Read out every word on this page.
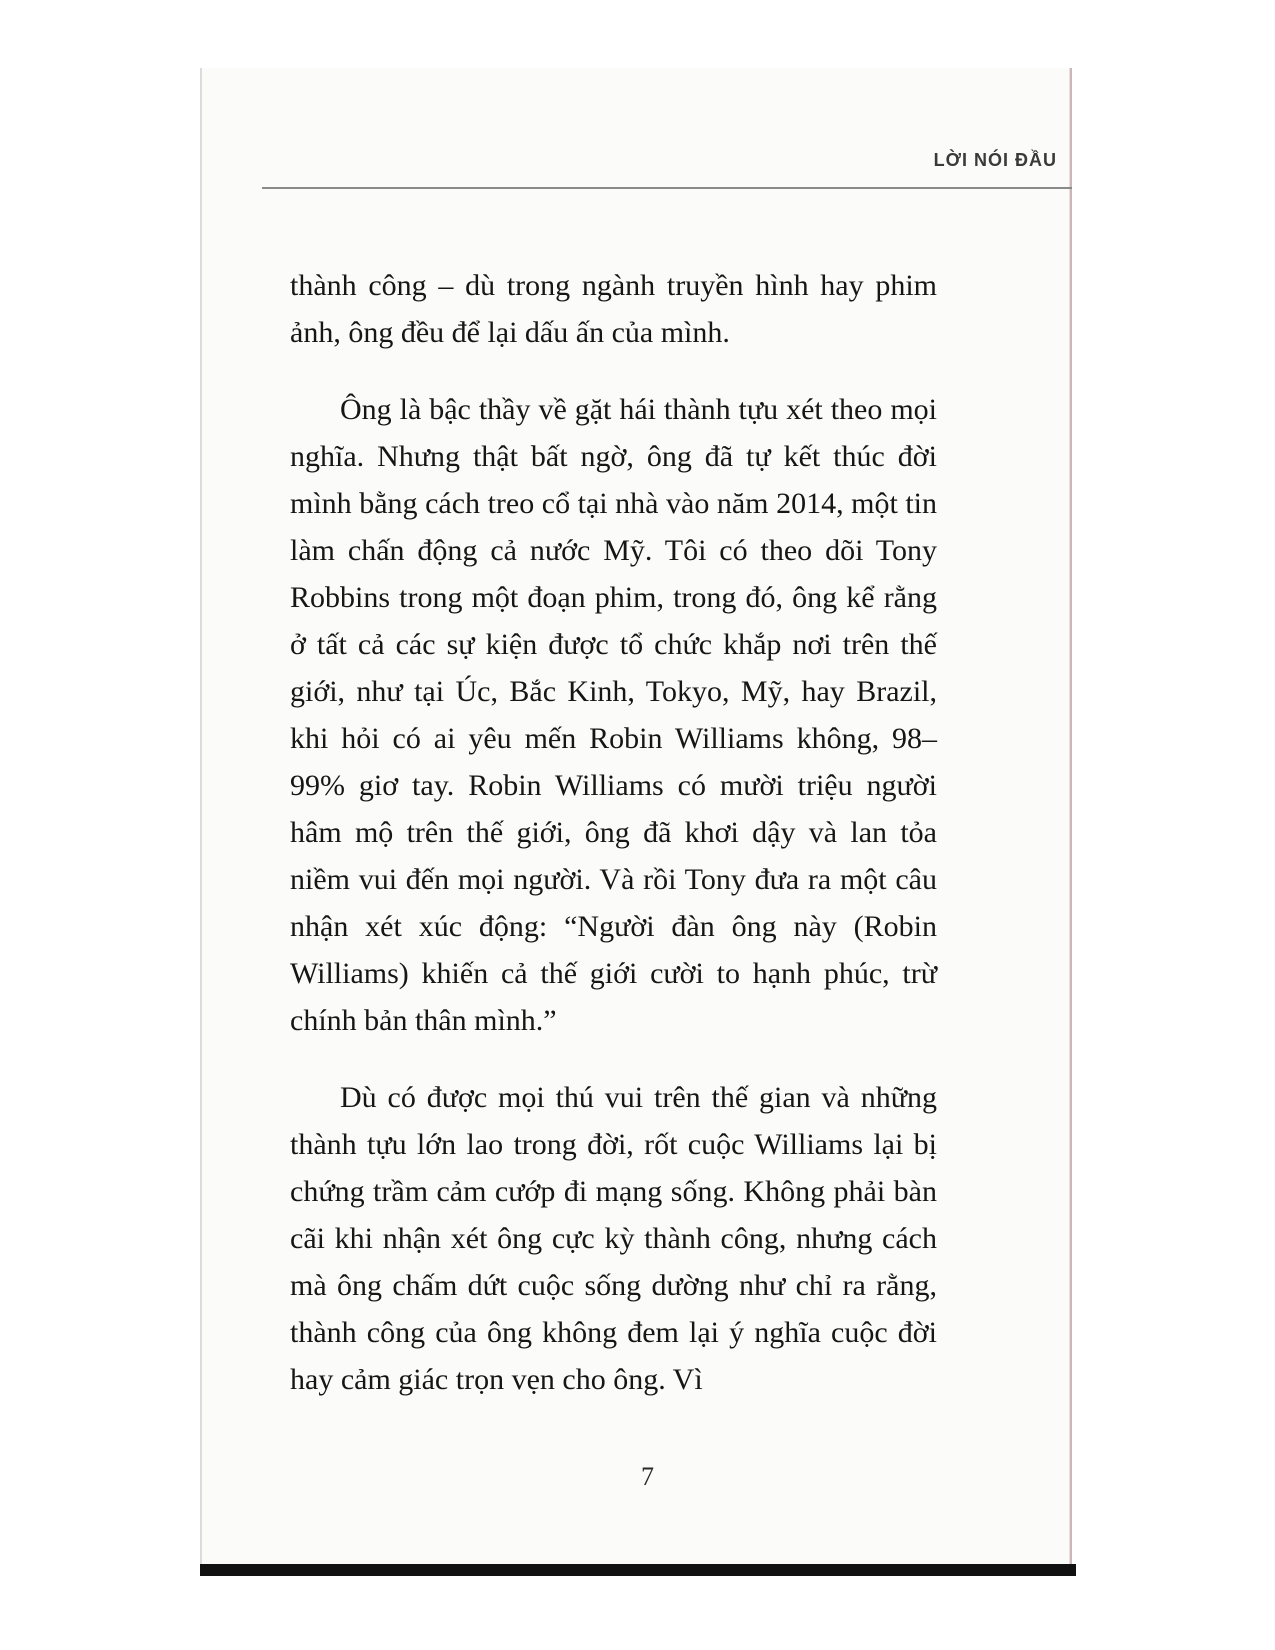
LỜI NÓI ĐẦU

thành công – dù trong ngành truyền hình hay phim ảnh, ông đều để lại dấu ấn của mình.

Ông là bậc thầy về gặt hái thành tựu xét theo mọi nghĩa. Nhưng thật bất ngờ, ông đã tự kết thúc đời mình bằng cách treo cổ tại nhà vào năm 2014, một tin làm chấn động cả nước Mỹ. Tôi có theo dõi Tony Robbins trong một đoạn phim, trong đó, ông kể rằng ở tất cả các sự kiện được tổ chức khắp nơi trên thế giới, như tại Úc, Bắc Kinh, Tokyo, Mỹ, hay Brazil, khi hỏi có ai yêu mến Robin Williams không, 98–99% giơ tay. Robin Williams có mười triệu người hâm mộ trên thế giới, ông đã khơi dậy và lan tỏa niềm vui đến mọi người. Và rồi Tony đưa ra một câu nhận xét xúc động: “Người đàn ông này (Robin Williams) khiến cả thế giới cười to hạnh phúc, trừ chính bản thân mình.”

Dù có được mọi thú vui trên thế gian và những thành tựu lớn lao trong đời, rốt cuộc Williams lại bị chứng trầm cảm cướp đi mạng sống. Không phải bàn cãi khi nhận xét ông cực kỳ thành công, nhưng cách mà ông chấm dứt cuộc sống dường như chỉ ra rằng, thành công của ông không đem lại ý nghĩa cuộc đời hay cảm giác trọn vẹn cho ông. Vì

7
